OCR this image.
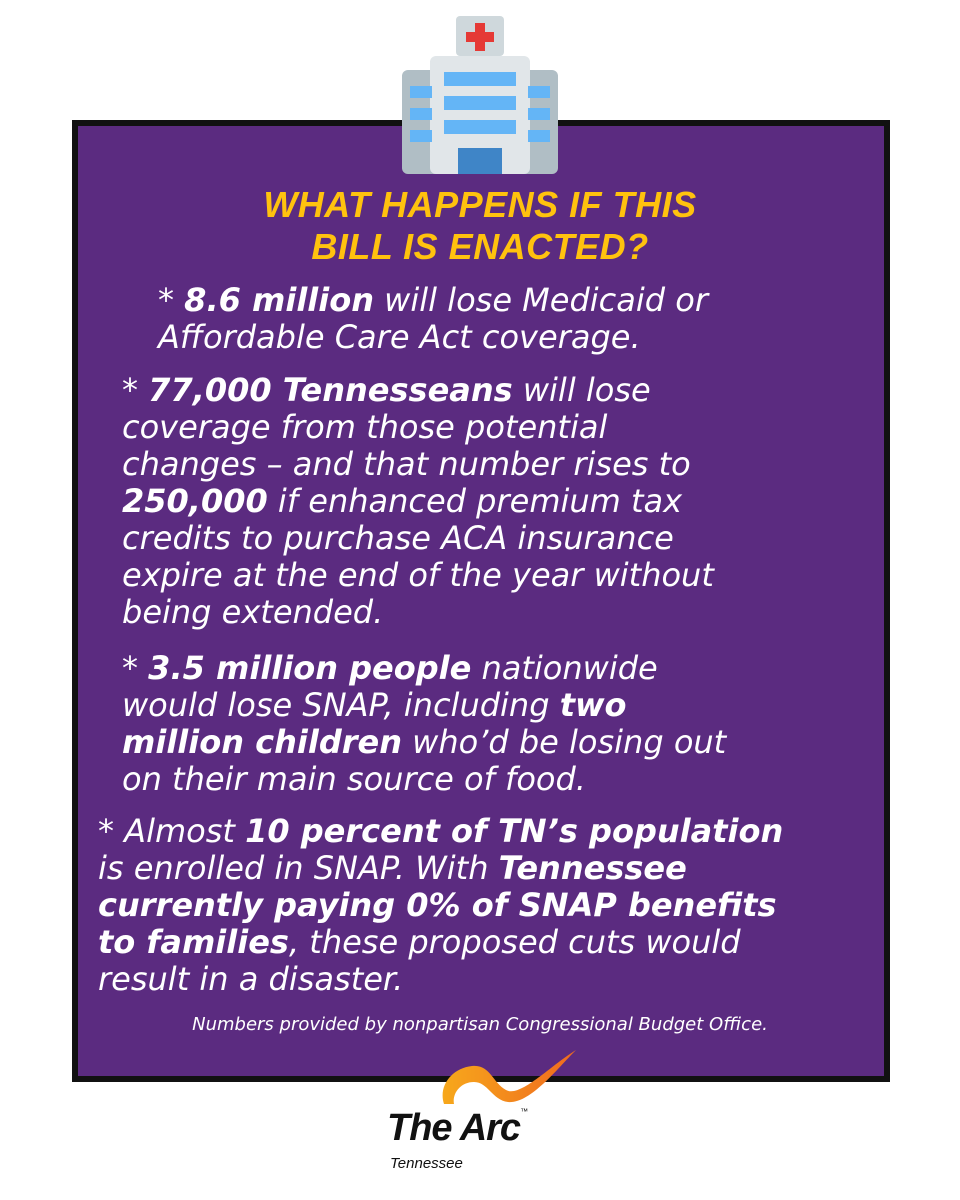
WHAT HAPPENS IF THIS
BILL IS ENACTED?
* 8.6 million will lose Medicaid or
Affordable Care Act coverage.
* 77,000 Tennesseans will lose
coverage from those potential
changes – and that number rises to
250,000 if enhanced premium tax
credits to purchase ACA insurance
expire at the end of the year without
being extended.
* 3.5 million people nationwide
would lose SNAP, including two
million children who’d be losing out
on their main source of food.
* Almost 10 percent of TN’s population
is enrolled in SNAP. With Tennessee
currently paying 0% of SNAP benefits
to families, these proposed cuts would
result in a disaster.
Numbers provided by nonpartisan Congressional Budget Office.
The Arc™
Tennessee
